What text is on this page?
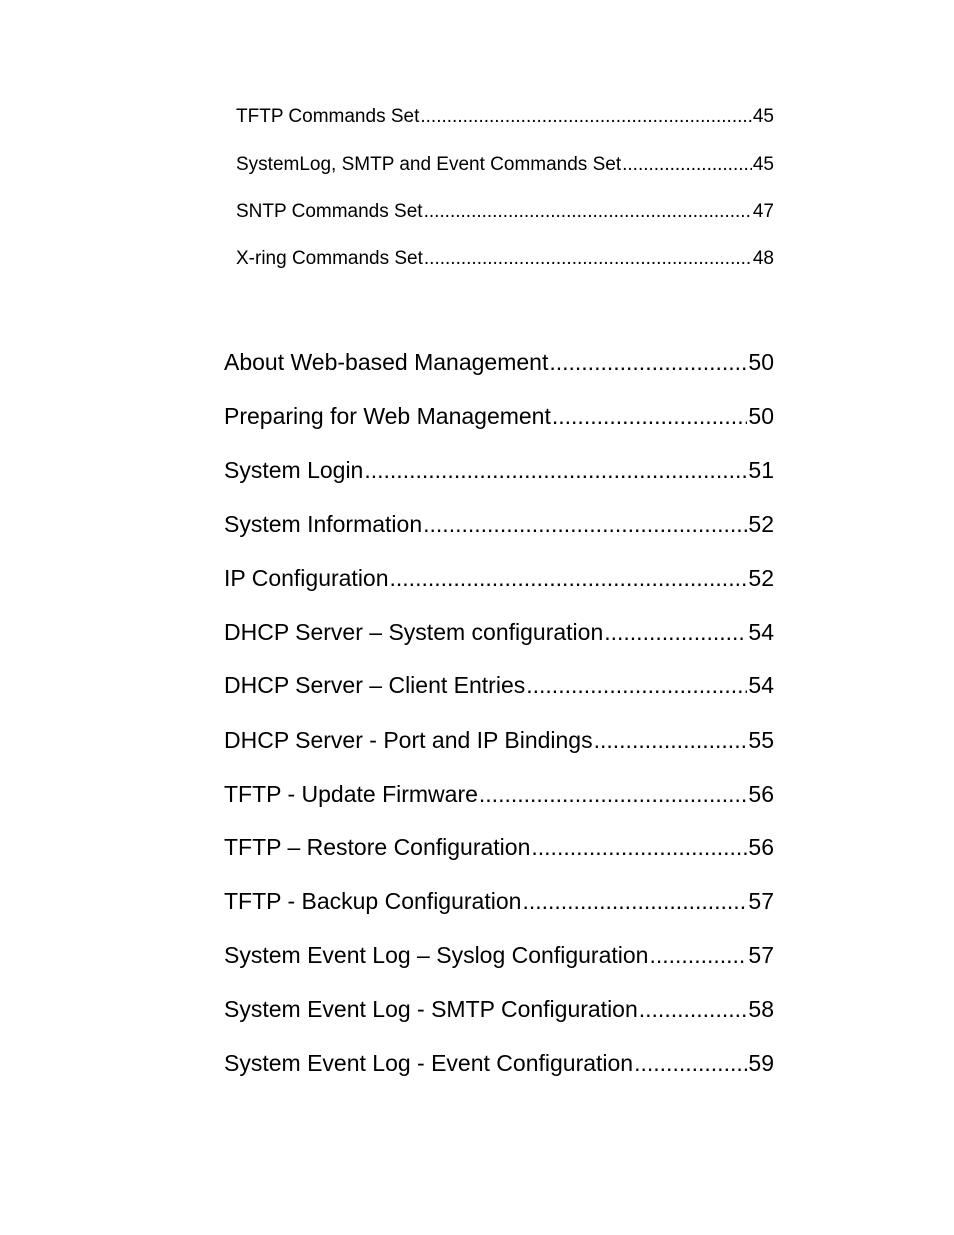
TFTP Commands Set .....	45
SystemLog, SMTP and Event Commands Set .....	45
SNTP Commands Set .....	47
X-ring Commands Set .....	48
About Web-based Management .....	50
Preparing for Web Management .....	50
System Login .....	51
System Information .....	52
IP Configuration .....	52
DHCP Server – System configuration .....	54
DHCP Server – Client Entries .....	54
DHCP Server - Port and IP Bindings .....	55
TFTP - Update Firmware .....	56
TFTP – Restore Configuration .....	56
TFTP - Backup Configuration .....	57
System Event Log – Syslog Configuration .....	57
System Event Log - SMTP Configuration .....	58
System Event Log - Event Configuration .....	59
